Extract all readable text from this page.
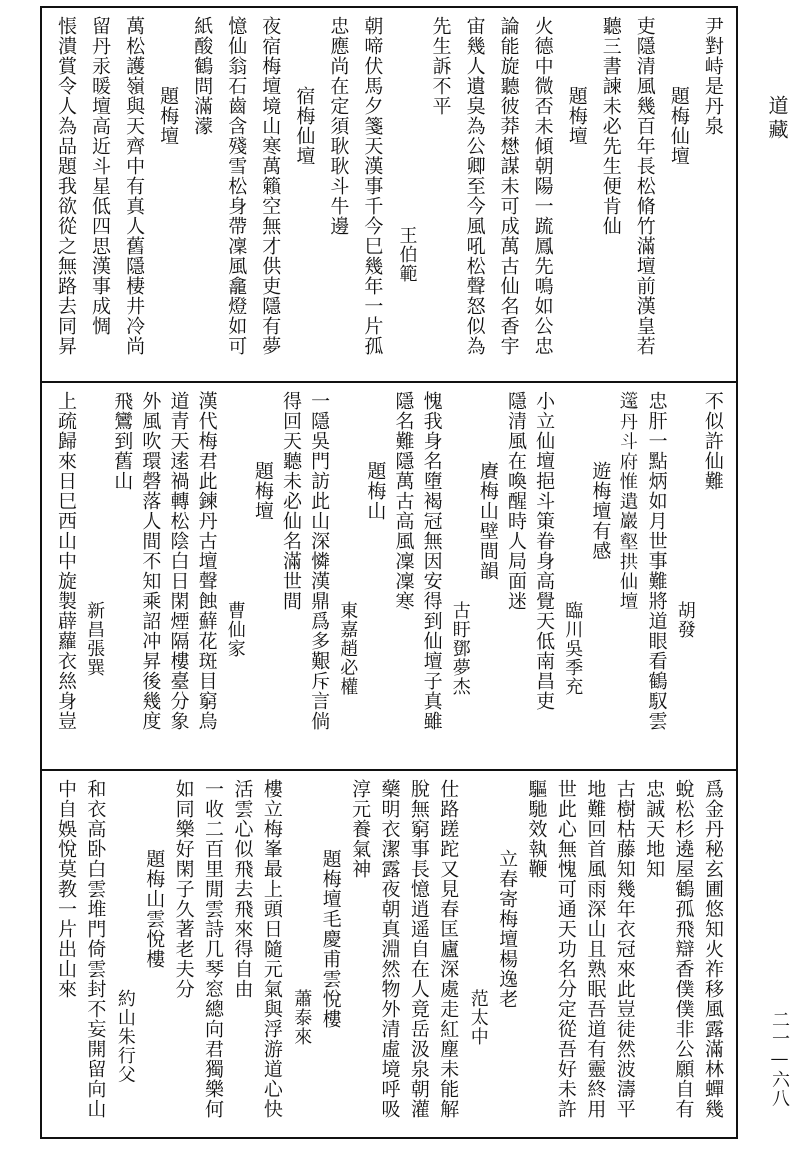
尹對峙是丹泉
題梅仙壇
吏隱清風幾百年長松脩竹滿壇前漢皇若
聽三書諫未必先生便肯仙
題梅壇
火德中微否未傾朝陽一䟽鳳先鳴如公忠
論能旋聽彼莽𢡟謀未可成萬古仙名香宇
宙幾人遺臭為公卿至今風吼松聲怒似為
先生訴不平
王伯範
朝啼伏馬夕箋天漢事千今巳幾年一片孤
忠應尚在定須耿耿斗牛邊
宿梅仙壇
夜宿梅壇境山寒萬籟空無才供吏隱有夢
憶仙翁石齒含殘雪松身帶凜風龕燈如可
紙酸鶴問滿濛
題梅壇
萬松護嶺與天齊中有真人舊隱棲井冷尚
留丹汞暖壇高近斗星低四思漢事成惆
悵潰賞令人為品題我欲從之無路去同昇
不似許仙難
胡發
忠肝一點炳如月世事難將道眼看鶴馭雲
𨘲丹斗府惟遺巖壑拱仙壇
遊梅壇有感
臨川吳季充
小立仙壇挹斗䇿眷身高覺天低南昌吏
隱清風在喚醒時人局面迷
賡梅山壁間韻
古盱鄧夢杰
愧我身名墮褐冠無因安得到仙壇子真雖
隱名難隱萬古高風凜凜寒
題梅山
東嘉趙必權
一隱吳門訪此山深憐漢鼎爲多艱斥言倘
得回天聽未必仙名滿世間
題梅壇
曹仙家
漢代梅君此鍊丹古壇聲蝕蘚花斑目窮烏
道青天逺禍轉松陰白日閑煙隔樓臺分象
外風吹環磬落人間不知乘詔冲昇後幾度
飛鸞到舊山
新昌張巽
上疏歸來日巳西山中旋製薜蘿衣𢇁身豈
爲金丹秘玄圃悠知火祚移風露滿林蟬幾
蛻松杉遶屋鶴孤飛辯香僕僕非公願自有
忠誠天地知
古樹枯藤知幾年衣冠來此豈徒然波濤平
地難回首風雨深山且熟眠吾道有靈終用
世此心無愧可通天功名分定從吾好未許
驅馳效執鞭
立春寄梅壇楊逸老
范太中
仕路蹉跎又見春匡廬深處走紅塵未能解
脫無窮事長憶逍遥自在人竟岳汲泉朝灌
藥明衣潔露夜朝真淵然物外清虛境呼吸
淳元養氣神
題梅壇毛慶甫雲悅樓
蕭泰來
樓立梅峯最上頭日隨元氣與浮游道心快
活雲心似飛去飛來得自由
一收二百里閒雲詩几琴窓總向君獨樂何
如同樂好閑子久著老夫分
題梅山雲悅樓
約山朱行父
和衣高卧白雲堆門倚雲封不妄開留向山
中自娛悅莫教一片出山來
道藏
二一—六八
